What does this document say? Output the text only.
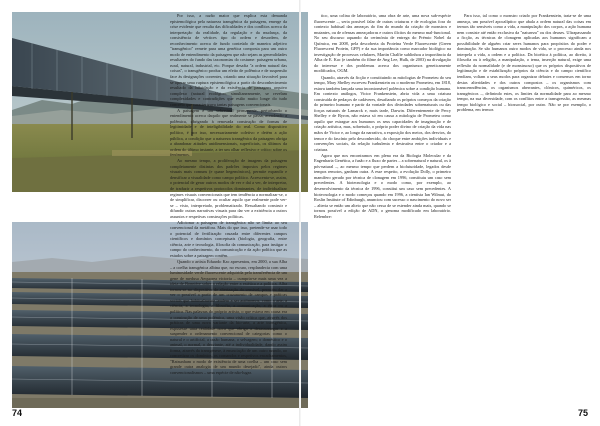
Por isso, a razão maior que explica esta demanda epistemológica pela natureza transgênica da paisagem, emerge da crise evidente que resulta das dificuldades e dos conflitos acerca da interpretação da realidade, da regulação e da mudança, da consistência de vértices tipo do ordem e desordem, de reconhecimento acerca de fundo conteúdo de maneira adjetivo "transgênico" remete para uma genética composta para um outro modo de entendimento da paisagem que não sejam as generalidades resultantes do fundo das taxonomias do costume: paisagem urbana, rural, natural, industrial, etc. Porque desafia "a ordem natural das coisas", o transgênico produz um efeito de polêmica e de suspensão face às designações correntes, criando uma situação favorável para se operar uma ruptura epistemológica a partir do desconhecimento resultado da hibridação e da existência de paisagens arquivo complexo (natural ecológico, simultaneamente, se revelam complexidades e contradições que estão muito longe do tudo concreto que caracterizava tantas paisagens convencionais.

A paisagem é um sobresinal permanente, perturbando o entendimento acerca daquilo que realmente se passa, acendendo a polêmica, obrigando à renovada construção de formas de legitimidade e de inteligibilidade do real. Como dispositivo político, é por isso, necessariamente coletivo e detém a ação pública, a condição que a natureza transgênica da paisagem obriga a abandonar atitudes unidimensionais, superficiais, os últimos da ordem do último instante, a ter um olhar reflexivo e crítico sobre os fenómenos.

Ao mesmo tempo, a proliferação de imagens da paisagem completamente distintas dos padrões impostos pelos regimes visuais mais comuns (e quase hegemónicos), permite expandir e densificar a visualidade como campo político. Acrescenta-se, assim, o potencial de gerar outros modos de ver e daí a ver, de interpretar, de traduzir a respetivos protocolos dominantes, de individualizar regimes visuais convencionais que tem tendência a normalizar-se, o de simplificar, discorrer ou ocultar aquilo que realmente pode ver-se – visto, interpretado, problematizado. Ressaltando construir e difundir outras narrativas visuais para dar ver a existência a outros assuntos e respetivas construções políticas.

Adicionar a paisagem de transgênica não se limita ao seu convencional da metáfora. Mais do que isso, pretende-se usar todo o potencial de fertilização cruzada entre diferentes campos científicos e domínios conceptuais (biologia, geografia, entre ciência, arte e tecnologia, filosofia da comunicação, para instigar o campo do conhecimento, da comunicação e da ação política que as estudos sobre a paisagem contêm.

Quando o artista Eduardo Kac apresentou, em 2000, a sua Alba – a coelha transgénica albina que, no escuro, resplandecia com uma luminosidade verde fluorescente adquirida pela transferência de um gene de medusa Aequorea victoria – cumpria-se mais uma vez a ideia de Bonnière sobre a relação entre a estética e a política. Alba tornou-se no dispositivo de alterização do sensível, permitiu dar a ver o possível a partir de um cruzamento de campos e práticas sociais que habitualmente tendem a ser autónomos, como a arte, a ciência, a tecnologia, a filosofia, a comunicação, a ética ou a política. Nas palavras do próprio artista, o que estava em causa era a construção de uma polémica, uma visão crítica que, através dos práticas de uma nova variante da bio-arte, a arte transgénica, expusesse uma realidade nova que obriga a desassossegar e a suspender o ordenamento convencional de categorias como o natural e o artificial, a razão humana, o selvagem; o doméstico e o animal, o normal, o desviante, até a individualidade, dando assim forma, através da transgénese, à enunciação de um outro mundo, ao concretizar os domínios, os comandos e respetivos encadeamentos, "Ratsunham o modo de existência de uma coelha – um caso sem grande outra analogia de um mundo desejado", ainda outros convencionalismos – uma espécie de não-lugar.

tico, uma colina de laboratório, uma obra de arte, uma nova sub-espécie fluorescente –, seria possível falar de outras criaturas e de ecologias fora do contexto habitual das ameaças do fim do mundo da criação de monstros e mutantes, ou de ofensas ameaçadoras e outros ilícitos do mesmo mal-funcional. No seu discurso aquando da cerimónia de entrega do Prémio Nobel da Química, em 2008, pela descoberta da Proteína Verde Fluorescente (Green Fluorescent Protein, GFP) e da sua importância como marcador biológico na investigação de processos celulares, Martin Chalfie sublinhou a importância da Alba de E. Kac (e também do filme de Ang Lee, Hulk, de 2003) na divulgação do interesse e dos problemas acerca dos organismos geneticamente modificados, OGM.

Quando, através da ficção e constituindo as mitologias de Prometeu do seu tempo, Mary Shelley escreveu Frankenstein ou o moderno Prometeu, em 1818, estava também lançada uma incontornável polémica sobre a condição humana. Em contexto análogos, Victor Frankenstein, abria vida a uma criatura construída de pedaços de cadáveres, desafiando os próprios começos da criação do primeiro humano e partir da vontade dos divindades sobrenaturais ou das forças naturais de Lamarck e, mais tarde, Darwin. Diferentemente de Percy Shelley e de Byron, não estava só em causa a mitologia de Prometeu como aquilo que estrague aos humanos os seus capacidades de imaginação e de criação artística, mas, sobretudo, o próprio poder divino de criação da vida nas mãos de Victor e, ao longo da narrativa, a exposição dos meios, dos desvios, do temor e do fascínio pelo desconhecido, do choque entre ambições individuais e convenções sociais, da relação turbulenta e destrutiva entre o criador e a criatura.

Agora que nos encontramos em plena era da Biologia Molecular e da Engenharia Genética, a fusão e a fluxo de partes – a sobrenatural e natural, os à pós-natural –, ao mesmo tempo que perdem a biofuturidade, legados desde tempos remotos, ganham outra. A esse respeito, a evolução Dolly, o primeiro mamífero gerado por técnica de clonagem em 1996, constituiu um caso sem precedentes. A biotecnologia e o modo como, por exemplo, ao desenvolvimento da técnica de 1996, constitui um caso sem precedentes. A biotecnologia e o modo começou quando em 1996, a cientista Ian Wilmut, do Roslin Institute of Edinburgh, anunciou com sucesso o nascimento do novo ser – alteria se então um alteio que não cessa de se estender ainda mais, quando se tornou possível a edição de ADN, o genoma modificado em laboratório. Relembre:

Para isso, tal como o monstro criado por Frankenstein, trata-se de uma ameaça, um possível apocalíptico que abala a ordem natural das coisas em termos tão sensíveis como a vida, a manipulação dos corpos, a ação humana nem consiste até então exclusiva da "natureza" ou dos deuses. Ultrapassando a ficção, as técnicas de clonagem aplicadas aos humanos significam a possibilidade de alguém criar seres humanos para propósitos do poder e dominação. Se são humanos outro modos de vida, se o processo ainda nos interpela a vida, a ordem e a política. Da bioética à política, ao direito, à filosofia ou à religião, a manipulação, o tema, inserção natural, exige uma reflexão da normalidade (e de monstruoso) que os próprios dispositivos de legitimação e de estabilização próprios da ciência e do campo científico tendiam, voltam a seus modos para organizar debates e consensos em torno destas alteridades e dos outros compostos – os organismos com transcenndências, os organismos aberrantes, clónicos, quiméricos, os transgénicos –, definindo estes, os limites da normalidade para ao mesmo tempo, na sua diversidade, com os conflitos entre a transgressão, as mesmas tempo biológico e social – biossocial, por outro. Não se por exemplo, o problema, em termos

74	75
